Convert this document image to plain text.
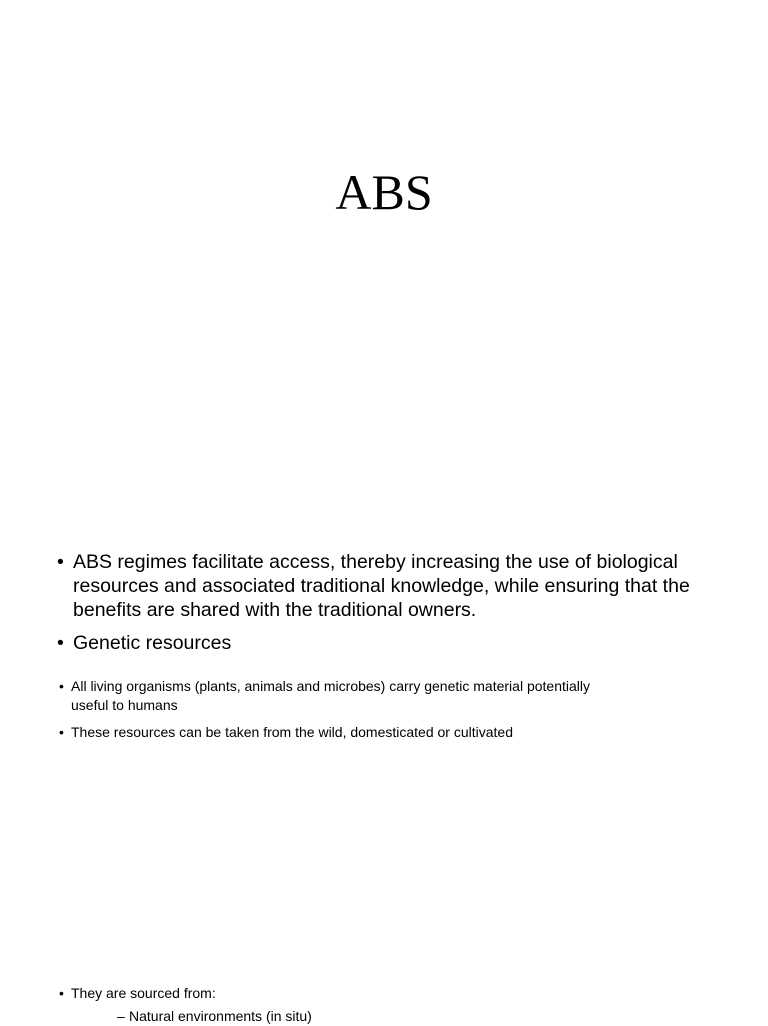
ABS
• ABS regimes facilitate access, thereby increasing the use of biological resources and associated traditional knowledge, while ensuring that the benefits are shared with the traditional owners.
• Genetic resources
• All living organisms (plants, animals and microbes) carry genetic material potentially useful to humans
• These resources can be taken from the wild, domesticated or cultivated
• They are sourced from:
– Natural environments (in situ)
